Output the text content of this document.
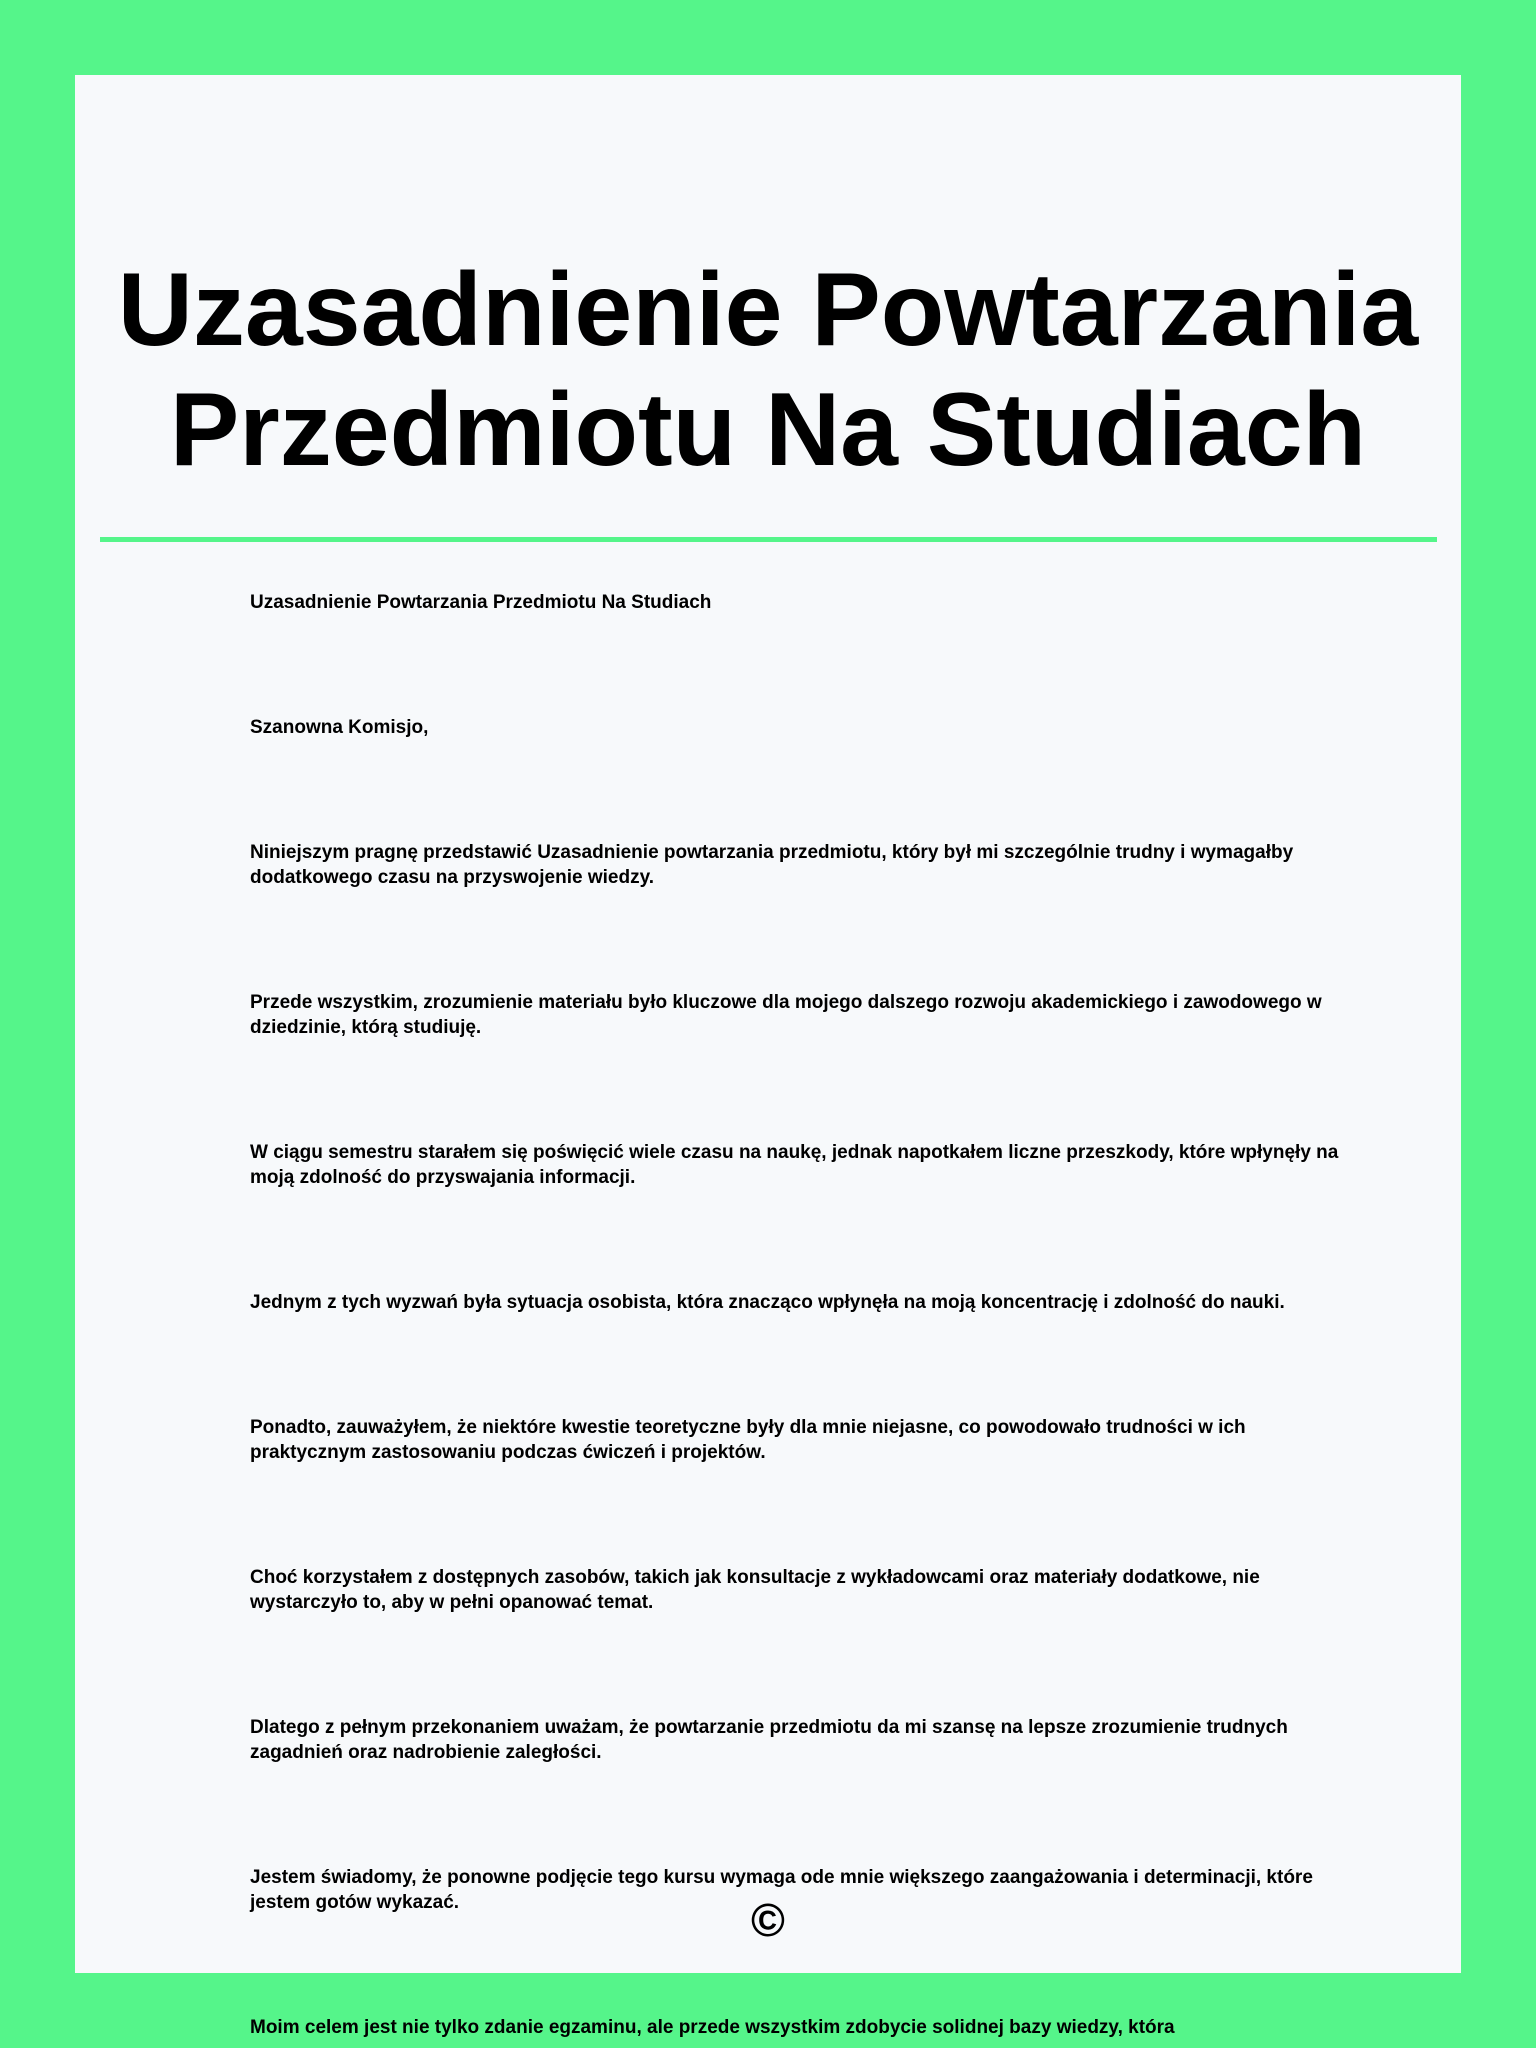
Uzasadnienie Powtarzania Przedmiotu Na Studiach

Uzasadnienie Powtarzania Przedmiotu Na Studiach

Szanowna Komisjo,

Niniejszym pragnę przedstawić Uzasadnienie powtarzania przedmiotu, który był mi szczególnie trudny i wymagałby dodatkowego czasu na przyswojenie wiedzy.

Przede wszystkim, zrozumienie materiału było kluczowe dla mojego dalszego rozwoju akademickiego i zawodowego w dziedzinie, którą studiuję.

W ciągu semestru starałem się poświęcić wiele czasu na naukę, jednak napotkałem liczne przeszkody, które wpłynęły na moją zdolność do przyswajania informacji.

Jednym z tych wyzwań była sytuacja osobista, która znacząco wpłynęła na moją koncentrację i zdolność do nauki.

Ponadto, zauważyłem, że niektóre kwestie teoretyczne były dla mnie niejasne, co powodowało trudności w ich praktycznym zastosowaniu podczas ćwiczeń i projektów.

Choć korzystałem z dostępnych zasobów, takich jak konsultacje z wykładowcami oraz materiały dodatkowe, nie wystarczyło to, aby w pełni opanować temat.

Dlatego z pełnym przekonaniem uważam, że powtarzanie przedmiotu da mi szansę na lepsze zrozumienie trudnych zagadnień oraz nadrobienie zaległości.

Jestem świadomy, że ponowne podjęcie tego kursu wymaga ode mnie większego zaangażowania i determinacji, które jestem gotów wykazać.

Moim celem jest nie tylko zdanie egzaminu, ale przede wszystkim zdobycie solidnej bazy wiedzy, która

©
